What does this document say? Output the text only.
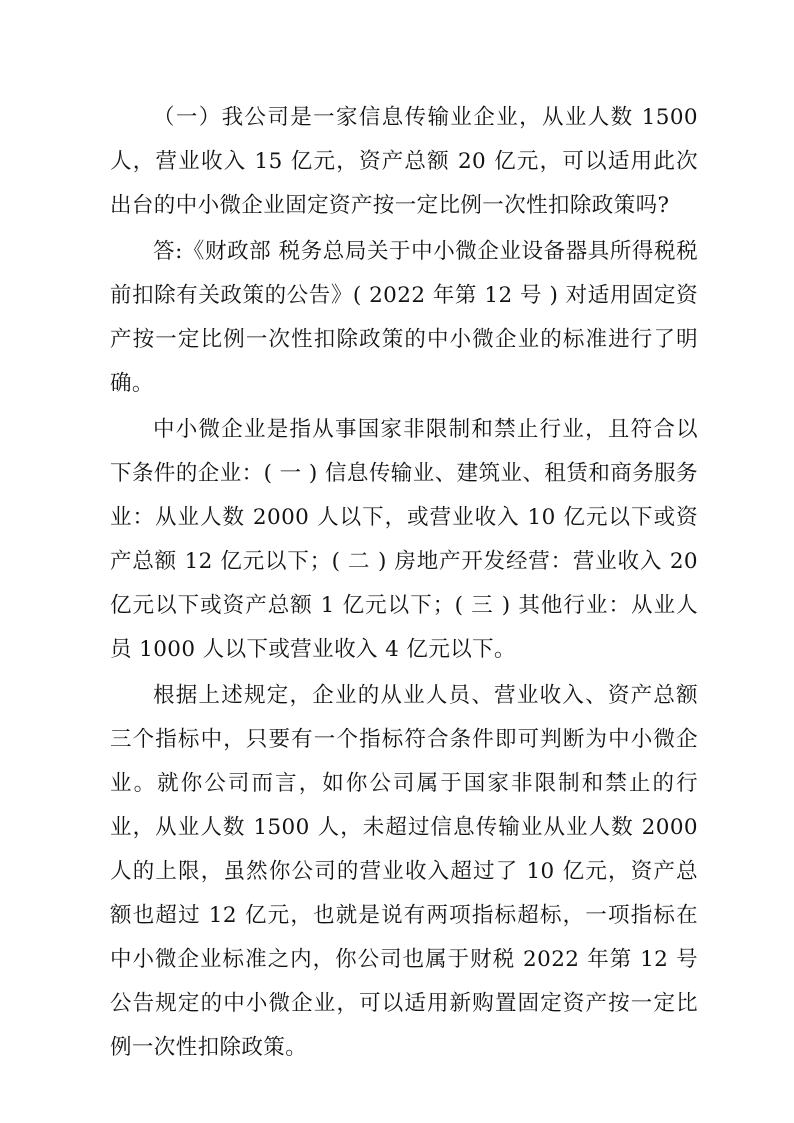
（一）我公司是一家信息传输业企业，从业人数 1500 人，营业收入 15 亿元，资产总额 20 亿元，可以适用此次出台的中小微企业固定资产按一定比例一次性扣除政策吗?

答:《财政部 税务总局关于中小微企业设备器具所得税税前扣除有关政策的公告》( 2022 年第 12 号 ) 对适用固定资产按一定比例一次性扣除政策的中小微企业的标准进行了明确。

中小微企业是指从事国家非限制和禁止行业，且符合以下条件的企业：( 一 ) 信息传输业、建筑业、租赁和商务服务业：从业人数 2000 人以下，或营业收入 10 亿元以下或资产总额 12 亿元以下；( 二 ) 房地产开发经营：营业收入 20 亿元以下或资产总额 1 亿元以下；( 三 ) 其他行业：从业人员 1000 人以下或营业收入 4 亿元以下。

根据上述规定，企业的从业人员、营业收入、资产总额三个指标中，只要有一个指标符合条件即可判断为中小微企业。就你公司而言，如你公司属于国家非限制和禁止的行业，从业人数 1500 人，未超过信息传输业从业人数 2000 人的上限，虽然你公司的营业收入超过了 10 亿元，资产总额也超过 12 亿元，也就是说有两项指标超标，一项指标在中小微企业标准之内，你公司也属于财税 2022 年第 12 号公告规定的中小微企业，可以适用新购置固定资产按一定比例一次性扣除政策。
